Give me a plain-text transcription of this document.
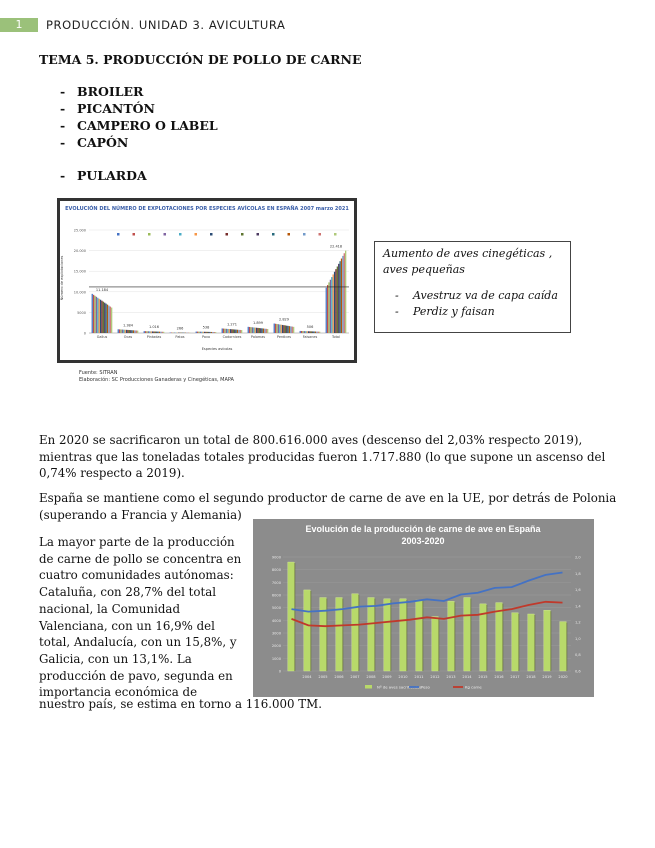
1	PRODUCCIÓN. UNIDAD 3. AVICULTURA
TEMA 5. PRODUCCIÓN DE POLLO DE CARNE
- BROILER
- PICANTÓN
- CAMPERO O LABEL
- CAPÓN
- PULARDA
EVOLUCIÓN DEL NÚMERO DE EXPLOTACIONES POR ESPECIES AVÍCOLAS EN ESPAÑA 2007 marzo 2021
Número de explotaciones
Especies avícolas
0
5000
10.000
15.000
20.000
25.000
11.184
Gallus
1.384
Ocas
1.016
Pintadas
266
Patos
538
Pavo
1.271
Codornices
1.899
Palomas
2.829
Perdices
506
Faisanes
22.418
Total
Fuente: SITRAN
Elaboración: SC Producciones Ganaderas y Cinegéticas, MAPA
Aumento de aves cinegéticas , aves pequeñas
- Avestruz va de capa caída
- Perdiz y faisan
En 2020 se sacrificaron un total de 800.616.000 aves (descenso del 2,03% respecto 2019), mientras que las toneladas totales producidas fueron 1.717.880 (lo que supone un ascenso del 0,74% respecto a 2019).
España se mantiene como el segundo productor de carne de ave en la UE, por detrás de Polonia (superando a Francia y Alemania)
Evolución de la producción de carne de ave en España
2003-2020
0
1000
2000
3000
4000
5000
6000
7000
8000
9000
0,6
0,8
1,0
1,2
1,4
1,6
1,8
2,0
2004 2005 2006 2007 2008 2009 2010 2011 2012 2013 2014 2015 2016 2017 2018 2019 2020
Nº de aves sacrificadas Peso	Kg carne
La mayor parte de la producción de carne de pollo se concentra en cuatro comunidades autónomas: Cataluña, con 28,7% del total nacional, la Comunidad Valenciana, con un 16,9% del total, Andalucía, con un 15,8%, y Galicia, con un 13,1%. La producción de pavo, segunda en importancia económica de
nuestro país, se estima en torno a 116.000 TM.
